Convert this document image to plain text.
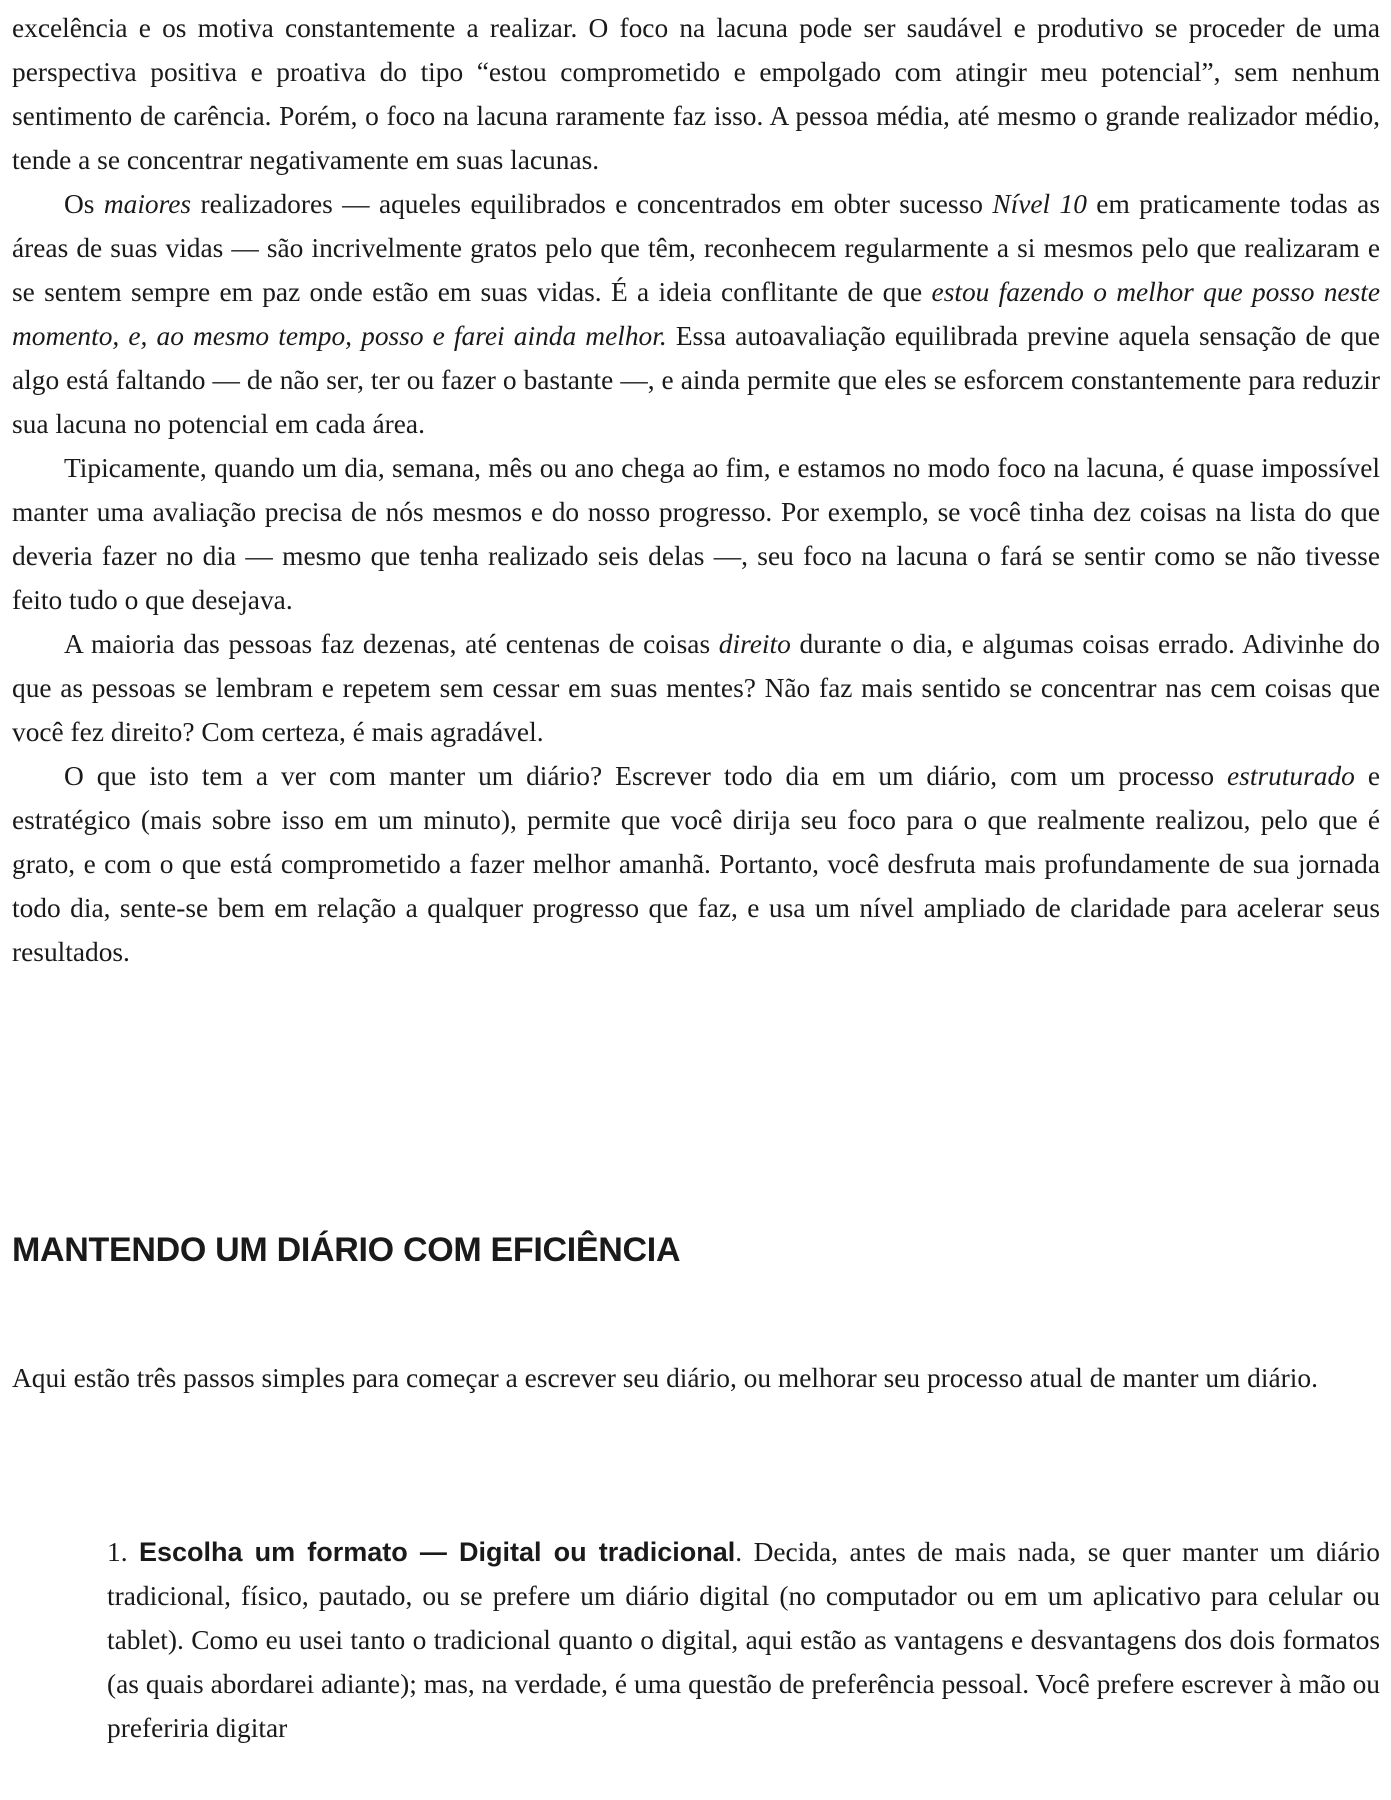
excelência e os motiva constantemente a realizar. O foco na lacuna pode ser saudável e produtivo se proceder de uma perspectiva positiva e proativa do tipo “estou comprometido e empolgado com atingir meu potencial”, sem nenhum sentimento de carência. Porém, o foco na lacuna raramente faz isso. A pessoa média, até mesmo o grande realizador médio, tende a se concentrar negativamente em suas lacunas.

Os maiores realizadores — aqueles equilibrados e concentrados em obter sucesso Nível 10 em praticamente todas as áreas de suas vidas — são incrivelmente gratos pelo que têm, reconhecem regularmente a si mesmos pelo que realizaram e se sentem sempre em paz onde estão em suas vidas. É a ideia conflitante de que estou fazendo o melhor que posso neste momento, e, ao mesmo tempo, posso e farei ainda melhor. Essa autoavaliação equilibrada previne aquela sensação de que algo está faltando — de não ser, ter ou fazer o bastante —, e ainda permite que eles se esforcem constantemente para reduzir sua lacuna no potencial em cada área.

Tipicamente, quando um dia, semana, mês ou ano chega ao fim, e estamos no modo foco na lacuna, é quase impossível manter uma avaliação precisa de nós mesmos e do nosso progresso. Por exemplo, se você tinha dez coisas na lista do que deveria fazer no dia — mesmo que tenha realizado seis delas —, seu foco na lacuna o fará se sentir como se não tivesse feito tudo o que desejava.

A maioria das pessoas faz dezenas, até centenas de coisas direito durante o dia, e algumas coisas errado. Adivinhe do que as pessoas se lembram e repetem sem cessar em suas mentes? Não faz mais sentido se concentrar nas cem coisas que você fez direito? Com certeza, é mais agradável.

O que isto tem a ver com manter um diário? Escrever todo dia em um diário, com um processo estruturado e estratégico (mais sobre isso em um minuto), permite que você dirija seu foco para o que realmente realizou, pelo que é grato, e com o que está comprometido a fazer melhor amanhã. Portanto, você desfruta mais profundamente de sua jornada todo dia, sente-se bem em relação a qualquer progresso que faz, e usa um nível ampliado de claridade para acelerar seus resultados.

MANTENDO UM DIÁRIO COM EFICIÊNCIA

Aqui estão três passos simples para começar a escrever seu diário, ou melhorar seu processo atual de manter um diário.

1. Escolha um formato — Digital ou tradicional. Decida, antes de mais nada, se quer manter um diário tradicional, físico, pautado, ou se prefere um diário digital (no computador ou em um aplicativo para celular ou tablet). Como eu usei tanto o tradicional quanto o digital, aqui estão as vantagens e desvantagens dos dois formatos (as quais abordarei adiante); mas, na verdade, é uma questão de preferência pessoal. Você prefere escrever à mão ou preferiria digitar
